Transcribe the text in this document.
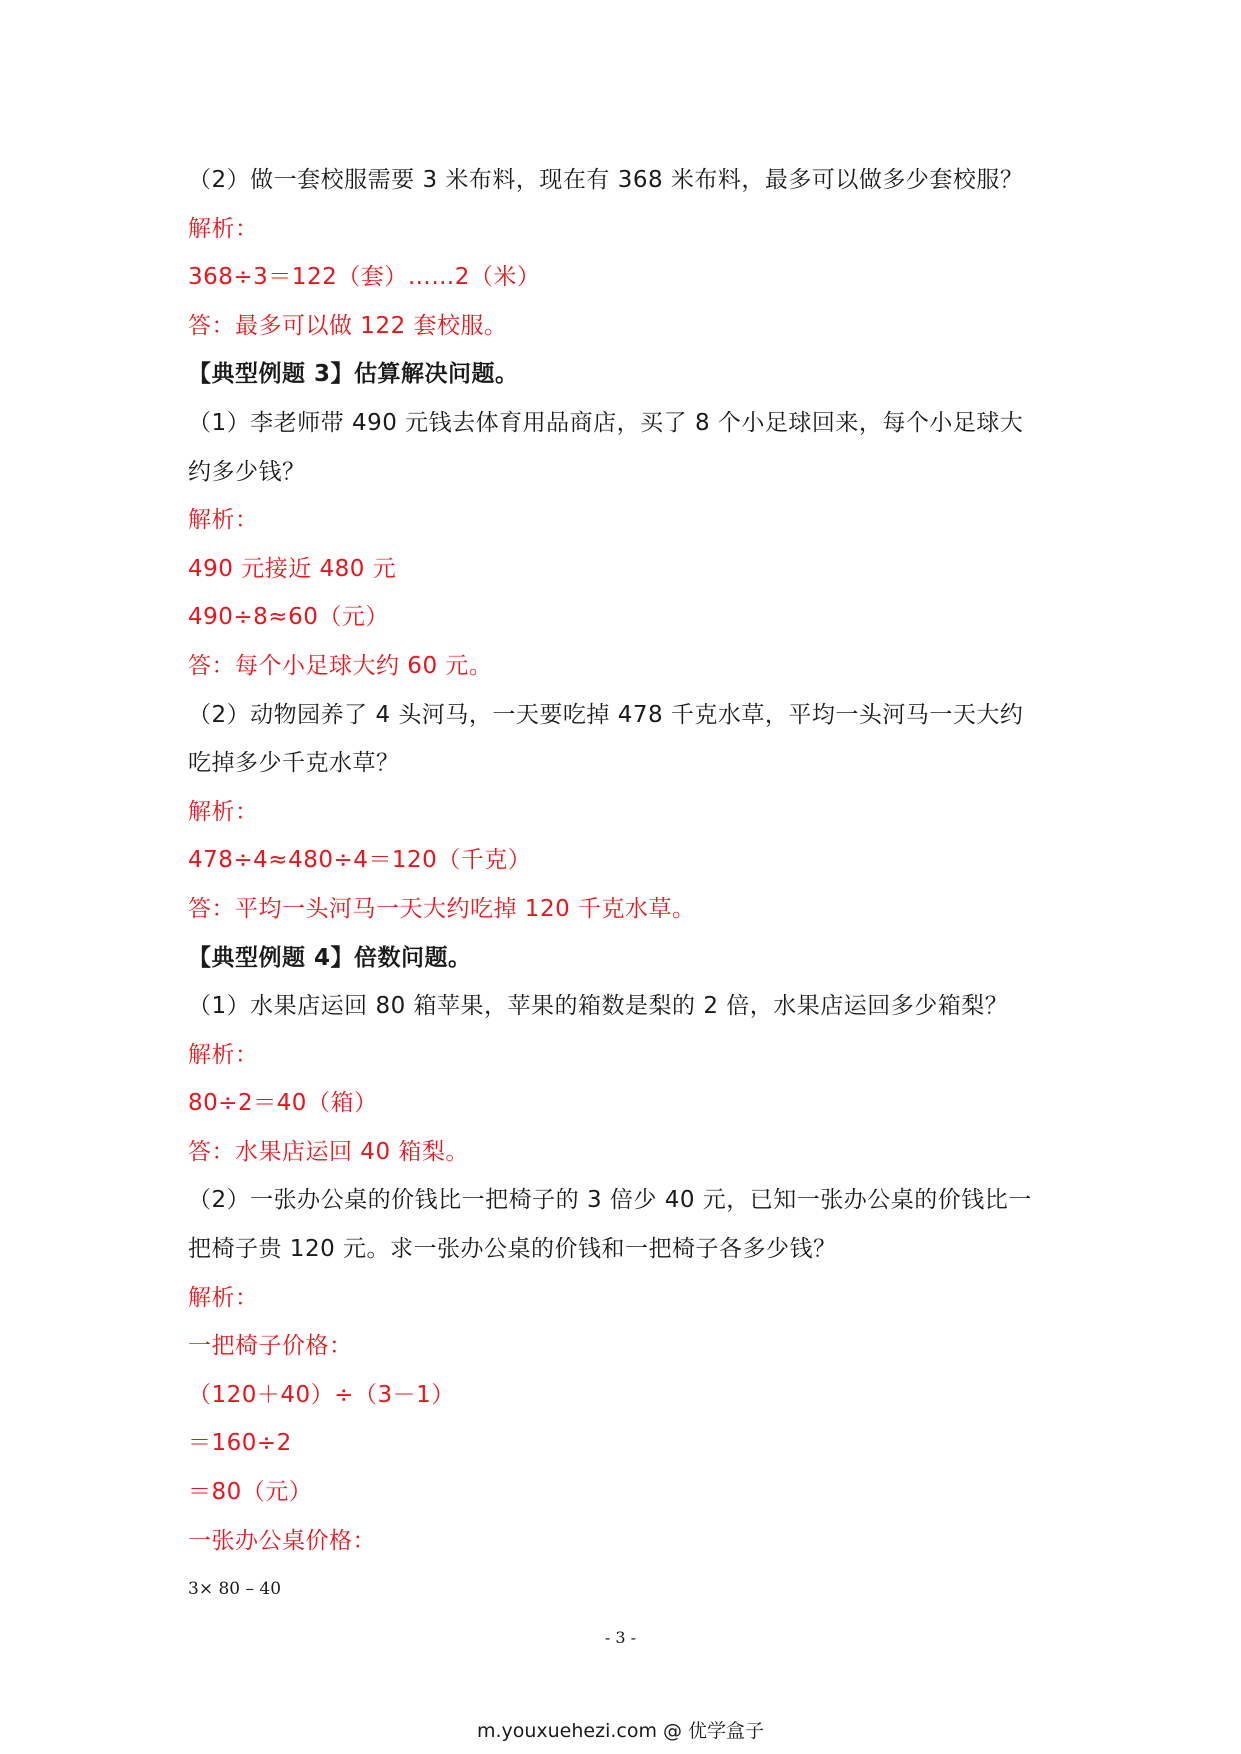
（2）做一套校服需要 3 米布料，现在有 368 米布料，最多可以做多少套校服？
解析：
368÷3＝122（套）……2（米）
答：最多可以做 122 套校服。
【典型例题 3】估算解决问题。
（1）李老师带 490 元钱去体育用品商店，买了 8 个小足球回来，每个小足球大
约多少钱？
解析：
490 元接近 480 元
490÷8≈60（元）
答：每个小足球大约 60 元。
（2）动物园养了 4 头河马，一天要吃掉 478 千克水草，平均一头河马一天大约
吃掉多少千克水草？
解析：
478÷4≈480÷4＝120（千克）
答：平均一头河马一天大约吃掉 120 千克水草。
【典型例题 4】倍数问题。
（1）水果店运回 80 箱苹果，苹果的箱数是梨的 2 倍，水果店运回多少箱梨？
解析：
80÷2＝40（箱）
答：水果店运回 40 箱梨。
（2）一张办公桌的价钱比一把椅子的 3 倍少 40 元，已知一张办公桌的价钱比一
把椅子贵 120 元。求一张办公桌的价钱和一把椅子各多少钱？
解析：
一把椅子价格：
（120＋40）÷（3－1）
＝160÷2
＝80（元）
一张办公桌价格：
3× 80 – 40
- 3 -
m.youxuehezi.com @ 优学盒子
